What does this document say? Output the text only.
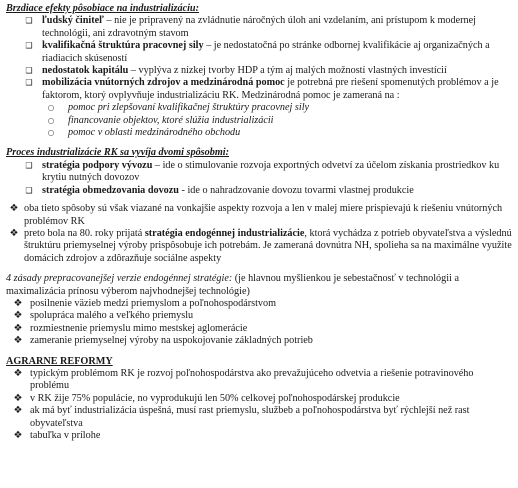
Brzdiace efekty pôsobiace na industrializáciu:
❑ ľudský činiteľ – nie je pripravený na zvládnutie náročných úloh ani vzdelaním, ani prístupom k modernej technológii, ani zdravotným stavom
❑ kvalifikačná štruktúra pracovnej sily – je nedostatočná po stránke odbornej kvalifikácie aj organizačných a riadiacich skúseností
❑ nedostatok kapitálu – vyplýva z nízkej tvorby HDP a tým aj malých možností vlastných investícií
❑ mobilizácia vnútorných zdrojov a medzinárodná pomoc je potrebná pre riešení spomenutých problémov a je faktorom, ktorý ovplyvňuje industrializáciu RK. Medzinárodná pomoc je zameraná na :
○	pomoc pri zlepšovaní kvalifikačnej štruktúry pracovnej sily
○	financovanie objektov, ktoré slúžia industrializácii
○	pomoc v oblasti medzinárodného obchodu
Proces industrializácie RK sa vyvíja dvomi spôsobmi:
❑ stratégia podpory vývozu – ide o stimulovanie rozvoja exportných odvetví za účelom získania prostriedkov ku krytiu nutných dovozov
❑ stratégia obmedzovania dovozu - ide o nahradzovanie dovozu tovarmi vlastnej produkcie
❖ oba tieto spôsoby sú však viazané na vonkajšie aspekty rozvoja a len v malej miere prispievajú k riešeniu vnútorných problémov RK
❖ preto bola na 80. roky prijatá stratégia endogénnej industrializácie, ktorá vychádza z potrieb obyvateľstva a výslednú štruktúru priemyselnej výroby prispôsobuje ich potrebám. Je zameraná dovnútra NH, spoliehа sa na maximálne využite domácich zdrojov a zdôrazňuje sociálne aspekty
4 zásady prepracovanejšej verzie endogénnej stratégie: (je hlavnou myšlienkou je sebestačnosť v technológii a maximalizácia prínosu výberom najvhodnejšej technológie)
❖ posilnenie väzieb medzi priemyslom a poľnohospodárstvom
❖ spolupráca malého a veľkého priemyslu
❖ rozmiestnenie priemyslu mimo mestskej aglomerácie
❖ zameranie priemyselnej výroby na uspokojovanie základných potrieb
AGRARNE REFORMY
❖ typickým problémom RK je rozvoj poľnohospodárstva ako prevažujúceho odvetvia a riešenie potravinového problému
❖ v RK žije 75% populácie, no vyprodukujú len 50% celkovej poľnohospodárskej produkcie
❖ ak má byť industrializácia úspešná, musí rast priemyslu, službeb a poľnohospodárstva byť rýchlejší než rast obyvateľstva
❖ tabuľka v prílohe
